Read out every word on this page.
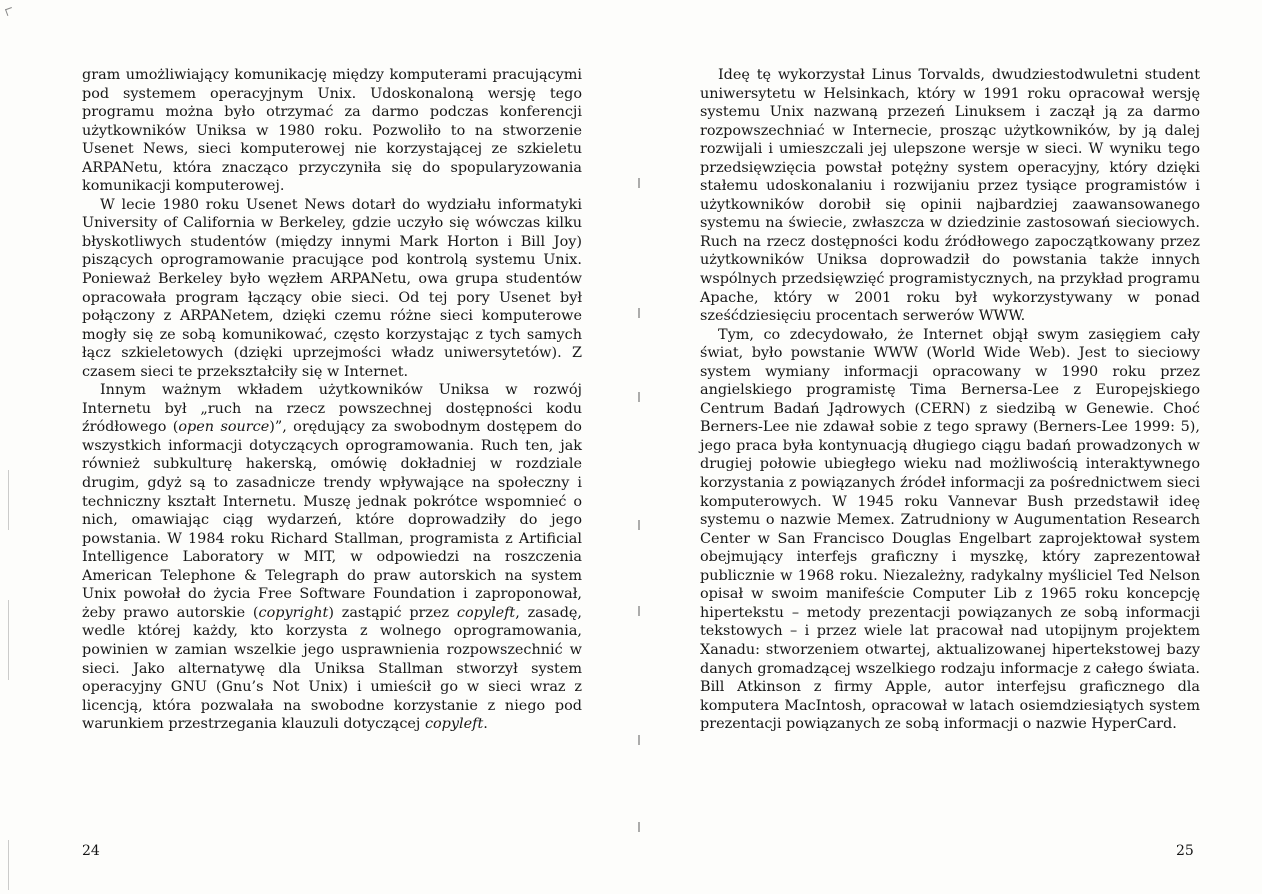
gram umożliwiający komunikację między komputerami pracującymi pod systemem operacyjnym Unix. Udoskonaloną wersję tego programu można było otrzymać za darmo podczas konferencji użytkowników Uniksa w 1980 roku. Pozwoliło to na stworzenie Usenet News, sieci komputerowej nie korzystającej ze szkieletu ARPANetu, która znacząco przyczyniła się do spopularyzowania komunikacji komputerowej.

W lecie 1980 roku Usenet News dotarł do wydziału informatyki University of California w Berkeley, gdzie uczyło się wówczas kilku błyskotliwych studentów (między innymi Mark Horton i Bill Joy) piszących oprogramowanie pracujące pod kontrolą systemu Unix. Ponieważ Berkeley było węzłem ARPANetu, owa grupa studentów opracowała program łączący obie sieci. Od tej pory Usenet był połączony z ARPANetem, dzięki czemu różne sieci komputerowe mogły się ze sobą komunikować, często korzystając z tych samych łącz szkieletowych (dzięki uprzejmości władz uniwersytetów). Z czasem sieci te przekształciły się w Internet.

Innym ważnym wkładem użytkowników Uniksa w rozwój Internetu był „ruch na rzecz powszechnej dostępności kodu źródłowego (open source)”, orędujący za swobodnym dostępem do wszystkich informacji dotyczących oprogramowania. Ruch ten, jak również subkulturę hakerską, omówię dokładniej w rozdziale drugim, gdyż są to zasadnicze trendy wpływające na społeczny i techniczny kształt Internetu. Muszę jednak pokrótce wspomnieć o nich, omawiając ciąg wydarzeń, które doprowadziły do jego powstania. W 1984 roku Richard Stallman, programista z Artificial Intelligence Laboratory w MIT, w odpowiedzi na roszczenia American Telephone & Telegraph do praw autorskich na system Unix powołał do życia Free Software Foundation i zaproponował, żeby prawo autorskie (copyright) zastąpić przez copyleft, zasadę, wedle której każdy, kto korzysta z wolnego oprogramowania, powinien w zamian wszelkie jego usprawnienia rozpowszechnić w sieci. Jako alternatywę dla Uniksa Stallman stworzył system operacyjny GNU (Gnu’s Not Unix) i umieścił go w sieci wraz z licencją, która pozwalała na swobodne korzystanie z niego pod warunkiem przestrzegania klauzuli dotyczącej copyleft.

Ideę tę wykorzystał Linus Torvalds, dwudziestodwuletni student uniwersytetu w Helsinkach, który w 1991 roku opracował wersję systemu Unix nazwaną przezeń Linuksem i zaczął ją za darmo rozpowszechniać w Internecie, prosząc użytkowników, by ją dalej rozwijali i umieszczali jej ulepszone wersje w sieci. W wyniku tego przedsięwzięcia powstał potężny system operacyjny, który dzięki stałemu udoskonalaniu i rozwijaniu przez tysiące programistów i użytkowników dorobił się opinii najbardziej zaawansowanego systemu na świecie, zwłaszcza w dziedzinie zastosowań sieciowych. Ruch na rzecz dostępności kodu źródłowego zapoczątkowany przez użytkowników Uniksa doprowadził do powstania także innych wspólnych przedsięwzięć programistycznych, na przykład programu Apache, który w 2001 roku był wykorzystywany w ponad sześćdziesięciu procentach serwerów WWW.

Tym, co zdecydowało, że Internet objął swym zasięgiem cały świat, było powstanie WWW (World Wide Web). Jest to sieciowy system wymiany informacji opracowany w 1990 roku przez angielskiego programistę Tima Bernersa-Lee z Europejskiego Centrum Badań Jądrowych (CERN) z siedzibą w Genewie. Choć Berners-Lee nie zdawał sobie z tego sprawy (Berners-Lee 1999: 5), jego praca była kontynuacją długiego ciągu badań prowadzonych w drugiej połowie ubiegłego wieku nad możliwością interaktywnego korzystania z powiązanych źródeł informacji za pośrednictwem sieci komputerowych. W 1945 roku Vannevar Bush przedstawił ideę systemu o nazwie Memex. Zatrudniony w Augumentation Research Center w San Francisco Douglas Engelbart zaprojektował system obejmujący interfejs graficzny i myszkę, który zaprezentował publicznie w 1968 roku. Niezależny, radykalny myśliciel Ted Nelson opisał w swoim manifeście Computer Lib z 1965 roku koncepcję hipertekstu – metody prezentacji powiązanych ze sobą informacji tekstowych – i przez wiele lat pracował nad utopijnym projektem Xanadu: stworzeniem otwartej, aktualizowanej hipertekstowej bazy danych gromadzącej wszelkiego rodzaju informacje z całego świata. Bill Atkinson z firmy Apple, autor interfejsu graficznego dla komputera MacIntosh, opracował w latach osiemdziesiątych system prezentacji powiązanych ze sobą informacji o nazwie HyperCard.

24	25
